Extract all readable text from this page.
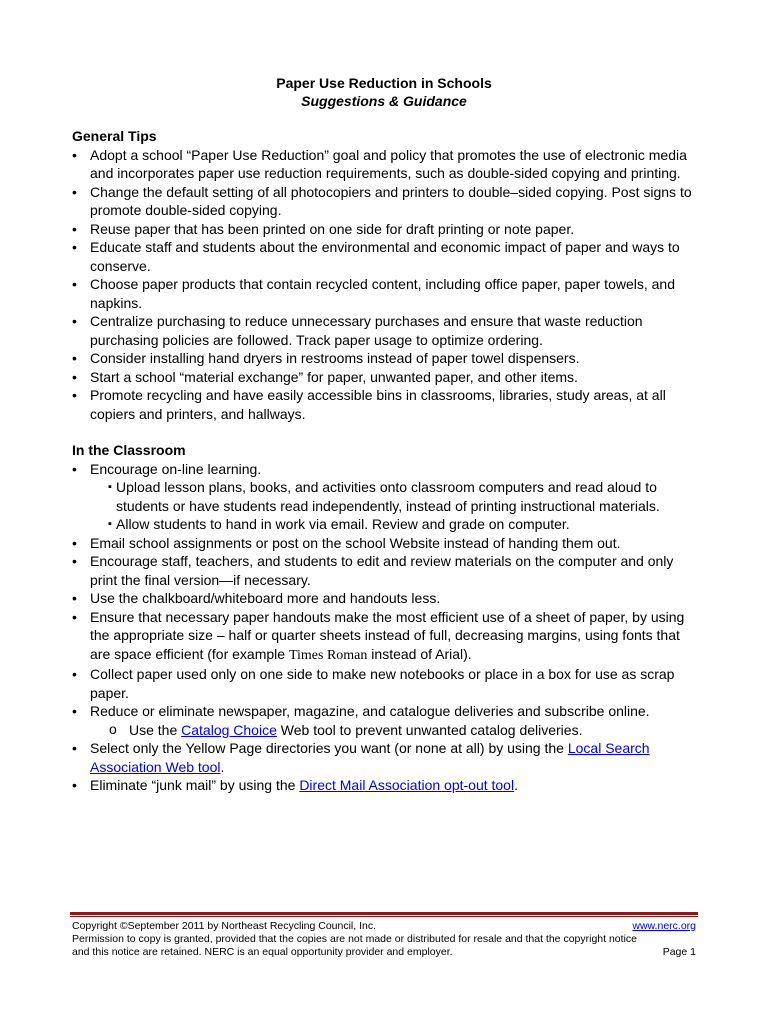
Paper Use Reduction in Schools
Suggestions & Guidance

General Tips

• Adopt a school “Paper Use Reduction” goal and policy that promotes the use of electronic media and incorporates paper use reduction requirements, such as double-sided copying and printing.
• Change the default setting of all photocopiers and printers to double–sided copying. Post signs to promote double-sided copying.
• Reuse paper that has been printed on one side for draft printing or note paper.
• Educate staff and students about the environmental and economic impact of paper and ways to conserve.
• Choose paper products that contain recycled content, including office paper, paper towels, and napkins.
• Centralize purchasing to reduce unnecessary purchases and ensure that waste reduction purchasing policies are followed. Track paper usage to optimize ordering.
• Consider installing hand dryers in restrooms instead of paper towel dispensers.
• Start a school “material exchange” for paper, unwanted paper, and other items.
• Promote recycling and have easily accessible bins in classrooms, libraries, study areas, at all copiers and printers, and hallways.

In the Classroom

• Encourage on-line learning.
▪ Upload lesson plans, books, and activities onto classroom computers and read aloud to students or have students read independently, instead of printing instructional materials.
▪ Allow students to hand in work via email. Review and grade on computer.
• Email school assignments or post on the school Website instead of handing them out.
• Encourage staff, teachers, and students to edit and review materials on the computer and only print the final version—if necessary.
• Use the chalkboard/whiteboard more and handouts less.
• Ensure that necessary paper handouts make the most efficient use of a sheet of paper, by using the appropriate size – half or quarter sheets instead of full, decreasing margins, using fonts that are space efficient (for example Times Roman instead of Arial).
• Collect paper used only on one side to make new notebooks or place in a box for use as scrap paper.
• Reduce or eliminate newspaper, magazine, and catalogue deliveries and subscribe online.
o Use the Catalog Choice Web tool to prevent unwanted catalog deliveries.
• Select only the Yellow Page directories you want (or none at all) by using the Local Search Association Web tool.
• Eliminate “junk mail” by using the Direct Mail Association opt-out tool.
Copyright ©September 2011 by Northeast Recycling Council, Inc.	www.nerc.org
Permission to copy is granted, provided that the copies are not made or distributed for resale and that the copyright notice
and this notice are retained. NERC is an equal opportunity provider and employer.	Page 1
